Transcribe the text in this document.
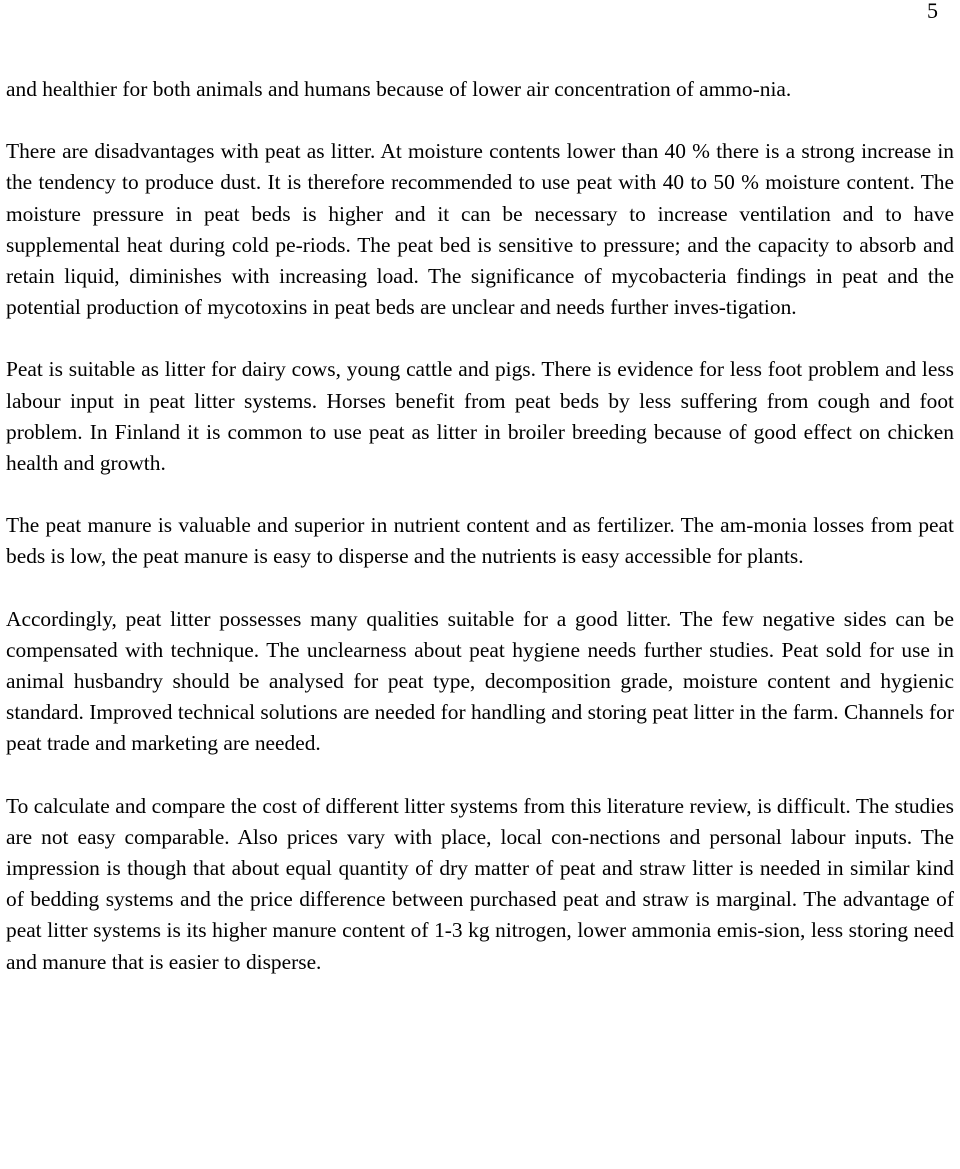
5

and healthier for both animals and humans because of lower air concentration of ammo-nia.

There are disadvantages with peat as litter. At moisture contents lower than 40 % there is a strong increase in the tendency to produce dust. It is therefore recommended to use peat with 40 to 50 % moisture content. The moisture pressure in peat beds is higher and it can be necessary to increase ventilation and to have supplemental heat during cold pe-riods. The peat bed is sensitive to pressure; and the capacity to absorb and retain liquid, diminishes with increasing load. The significance of mycobacteria findings in peat and the potential production of mycotoxins in peat beds are unclear and needs further inves-tigation.

Peat is suitable as litter for dairy cows, young cattle and pigs. There is evidence for less foot problem and less labour input in peat litter systems. Horses benefit from peat beds by less suffering from cough and foot problem. In Finland it is common to use peat as litter in broiler breeding because of good effect on chicken health and growth.

The peat manure is valuable and superior in nutrient content and as fertilizer. The am-monia losses from peat beds is low, the peat manure is easy to disperse and the nutrients is easy accessible for plants.

Accordingly, peat litter possesses many qualities suitable for a good litter. The few negative sides can be compensated with technique. The unclearness about peat hygiene needs further studies. Peat sold for use in animal husbandry should be analysed for peat type, decomposition grade, moisture content and hygienic standard. Improved technical solutions are needed for handling and storing peat litter in the farm. Channels for peat trade and marketing are needed.

To calculate and compare the cost of different litter systems from this literature review, is difficult. The studies are not easy comparable. Also prices vary with place, local con-nections and personal labour inputs. The impression is though that about equal quantity of dry matter of peat and straw litter is needed in similar kind of bedding systems and the price difference between purchased peat and straw is marginal. The advantage of peat litter systems is its higher manure content of 1-3 kg nitrogen, lower ammonia emis-sion, less storing need and manure that is easier to disperse.
